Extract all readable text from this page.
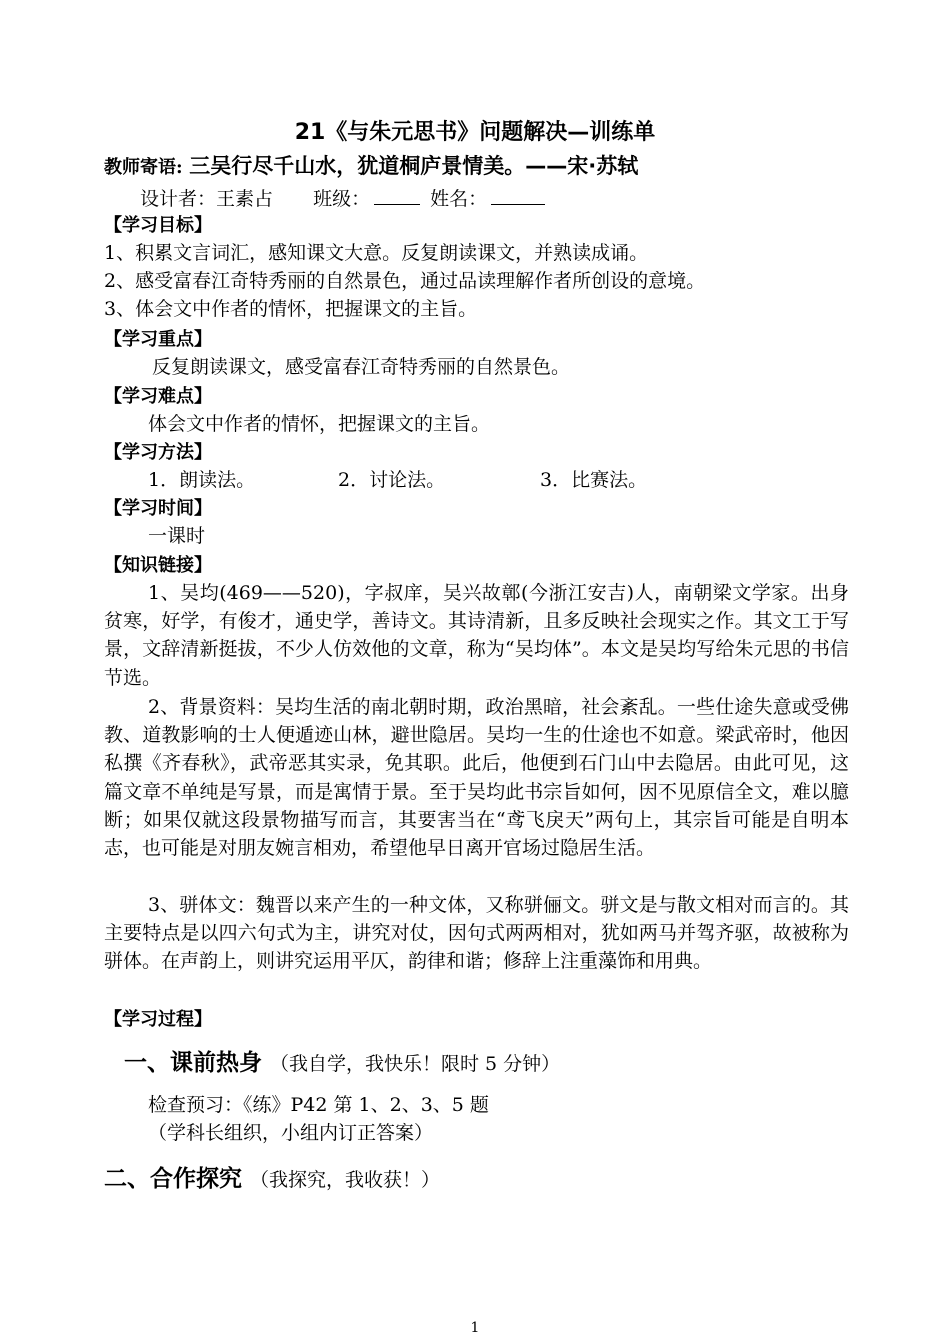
21《与朱元思书》问题解决—训练单
教师寄语: 三吴行尽千山水，犹道桐庐景情美。——宋·苏轼
设计者：王素占 班级：	姓名：
【学习目标】
1、积累文言词汇，感知课文大意。反复朗读课文，并熟读成诵。
2、感受富春江奇特秀丽的自然景色，通过品读理解作者所创设的意境。
3、体会文中作者的情怀，把握课文的主旨。
【学习重点】
反复朗读课文，感受富春江奇特秀丽的自然景色。
【学习难点】
体会文中作者的情怀，把握课文的主旨。
【学习方法】
1．朗读法。	2．讨论法。	3．比赛法。
【学习时间】
一课时
【知识链接】
1、吴均(469——520)，字叔庠，吴兴故鄣(今浙江安吉)人，南朝梁文学家。出身贫寒，好学，有俊才，通史学，善诗文。其诗清新，且多反映社会现实之作。其文工于写景，文辞清新挺拔，不少人仿效他的文章，称为“吴均体”。本文是吴均写给朱元思的书信节选。
2、背景资料：吴均生活的南北朝时期，政治黑暗，社会紊乱。一些仕途失意或受佛教、道教影响的士人便遁迹山林，避世隐居。吴均一生的仕途也不如意。梁武帝时，他因私撰《齐春秋》，武帝恶其实录，免其职。此后，他便到石门山中去隐居。由此可见，这篇文章不单纯是写景，而是寓情于景。至于吴均此书宗旨如何，因不见原信全文，难以臆断；如果仅就这段景物描写而言，其要害当在“鸢飞戾天”两句上，其宗旨可能是自明本志，也可能是对朋友婉言相劝，希望他早日离开官场过隐居生活。
3、骈体文：魏晋以来产生的一种文体，又称骈俪文。骈文是与散文相对而言的。其主要特点是以四六句式为主，讲究对仗，因句式两两相对，犹如两马并驾齐驱，故被称为骈体。在声韵上，则讲究运用平仄，韵律和谐；修辞上注重藻饰和用典。
【学习过程】
一、课前热身 （我自学，我快乐！限时 5 分钟）
检查预习：《练》P42 第 1、2、3、5 题
（学科长组织，小组内订正答案）
二、合作探究 （我探究，我收获！）
1
